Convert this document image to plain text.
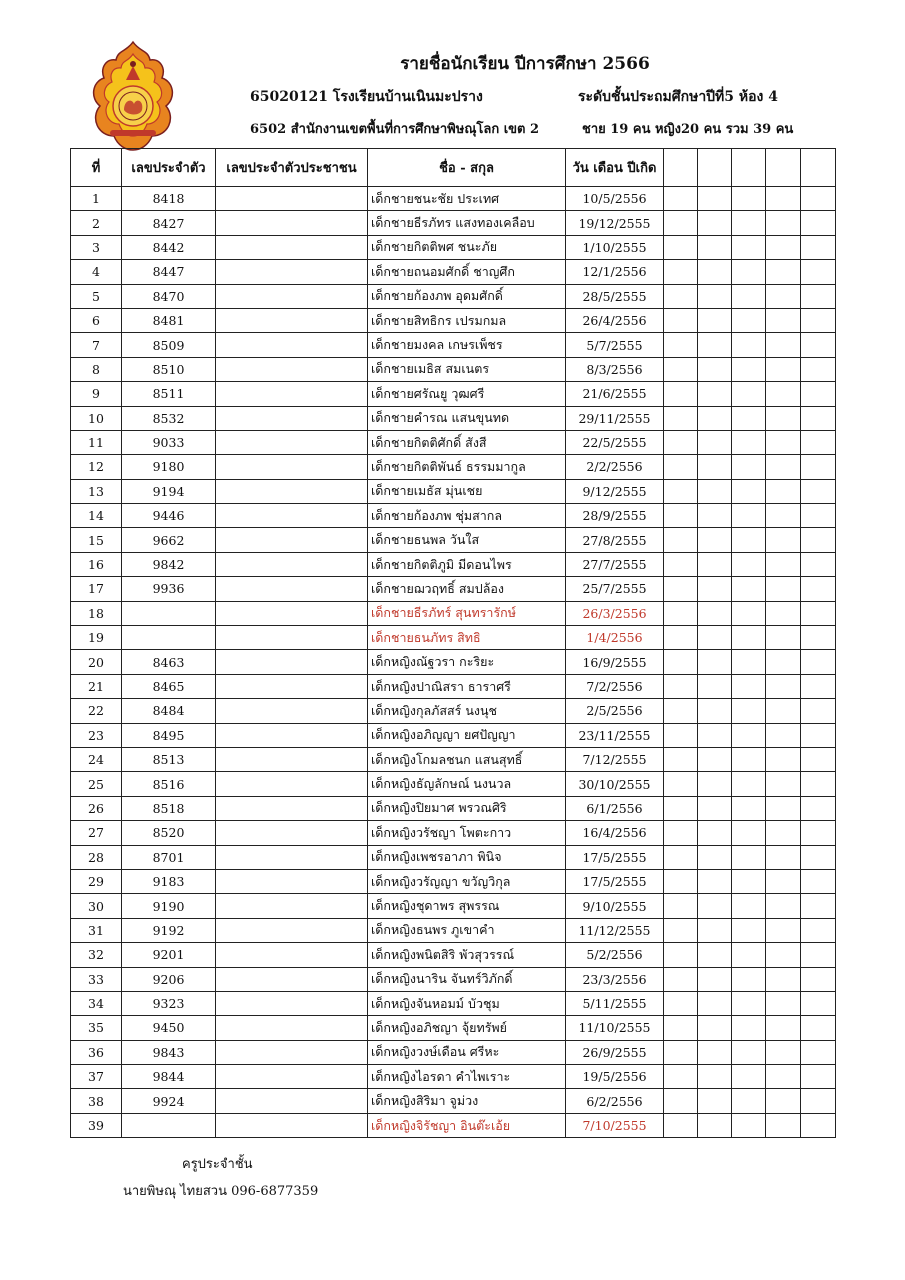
รายชื่อนักเรียน ปีการศึกษา 2566
65020121 โรงเรียนบ้านเนินมะปราง	ระดับชั้นประถมศึกษาปีที่5 ห้อง 4
6502 สำนักงานเขตพื้นที่การศึกษาพิษณุโลก เขต 2	ชาย 19 คน หญิง20 คน รวม 39 คน
ที่	เลขประจำตัว	เลขประจำตัวประชาชน	ชื่อ - สกุล	วัน เดือน ปีเกิด					
1	8418		เด็กชายชนะชัย ประเทศ	10/5/2556					
2	8427		เด็กชายธีรภัทร แสงทองเคลือบ	19/12/2555					
3	8442		เด็กชายกิตติพศ ชนะภัย	1/10/2555					
4	8447		เด็กชายถนอมศักดิ์ ชาญศึก	12/1/2556					
5	8470		เด็กชายก้องภพ อุดมศักดิ์	28/5/2555					
6	8481		เด็กชายสิทธิกร เปรมกมล	26/4/2556					
7	8509		เด็กชายมงคล เกษรเพ็ชร	5/7/2555					
8	8510		เด็กชายเมธิส สมเนตร	8/3/2556					
9	8511		เด็กชายศรัณยู วุฒศรี	21/6/2555					
10	8532		เด็กชายคำรณ แสนขุนทด	29/11/2555					
11	9033		เด็กชายกิตติศักดิ์ สังสี	22/5/2555					
12	9180		เด็กชายกิตติพันธ์ ธรรมมากูล	2/2/2556					
13	9194		เด็กชายเมธัส มุ่นเชย	9/12/2555					
14	9446		เด็กชายก้องภพ ชุ่มสากล	28/9/2555					
15	9662		เด็กชายธนพล วันใส	27/8/2555					
16	9842		เด็กชายกิตติภูมิ มีดอนไพร	27/7/2555					
17	9936		เด็กชายฌวฤทธิ์ สมปล้อง	25/7/2555					
18			เด็กชายธีรภัทร์ สุนทรารักษ์	26/3/2556					
19			เด็กชายธนภัทร สิทธิ	1/4/2556					
20	8463		เด็กหญิงณัฐวรา กะริยะ	16/9/2555					
21	8465		เด็กหญิงปาณิสรา ธาราศรี	7/2/2556					
22	8484		เด็กหญิงกุลภัสสร์ นงนุช	2/5/2556					
23	8495		เด็กหญิงอภิญญา ยศปัญญา	23/11/2555					
24	8513		เด็กหญิงโกมลชนก แสนสุทธิ์	7/12/2555					
25	8516		เด็กหญิงธัญลักษณ์ นงนวล	30/10/2555					
26	8518		เด็กหญิงปิยมาศ พรวณศิริ	6/1/2556					
27	8520		เด็กหญิงวรัชญา โพตะกาว	16/4/2556					
28	8701		เด็กหญิงเพชรอาภา พินิจ	17/5/2555					
29	9183		เด็กหญิงวรัญญา ขวัญวิกุล	17/5/2555					
30	9190		เด็กหญิงชุดาพร สุพรรณ	9/10/2555					
31	9192		เด็กหญิงธนพร ภูเขาคำ	11/12/2555					
32	9201		เด็กหญิงพนิตสิริ พัวสุวรรณ์	5/2/2556					
33	9206		เด็กหญิงนาริน จันทร์วิภักดิ์	23/3/2556					
34	9323		เด็กหญิงจันหอมม์ บัวชุม	5/11/2555					
35	9450		เด็กหญิงอภิชญา จุ้ยทรัพย์	11/10/2555					
36	9843		เด็กหญิงวงษ์เดือน ศรีหะ	26/9/2555					
37	9844		เด็กหญิงไอรดา คำไพเราะ	19/5/2556					
38	9924		เด็กหญิงสิริมา จูม่วง	6/2/2556					
39			เด็กหญิงจิรัชญา อินต๊ะเอ้ย	7/10/2555					
ครูประจำชั้น
นายพิษณุ ไทยสวน 096-6877359
